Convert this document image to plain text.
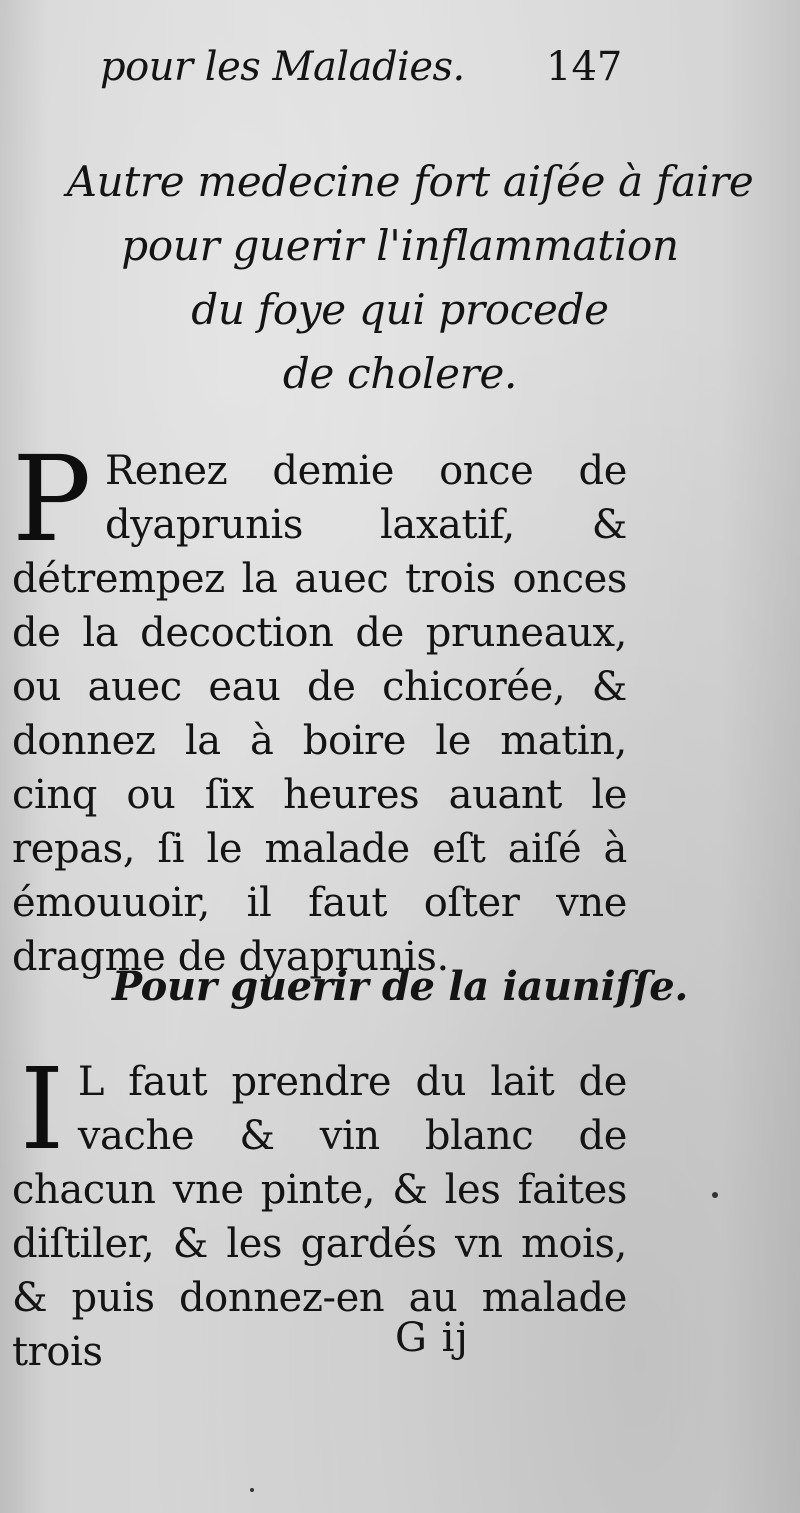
pour les Maladies. 147
Autre medecine fort aiſée à faire
pour guerir l'inflammation
du foye qui procede
de cholere.
P Renez demie once de dyaprunis laxatif, & détrempez la auec trois onces de la decoction de pruneaux, ou auec eau de chicorée, & donnez la à boire le matin, cinq ou ſix heures auant le repas, ſi le malade eſt aiſé à émouuoir, il faut oſter vne dragme de dyaprunis.
Pour guerir de la iauniſſe.
I L faut prendre du lait de vache & vin blanc de chacun vne pinte, & les faites diſtiler, & les gardés vn mois, & puis donnez-en au malade trois	G ij
